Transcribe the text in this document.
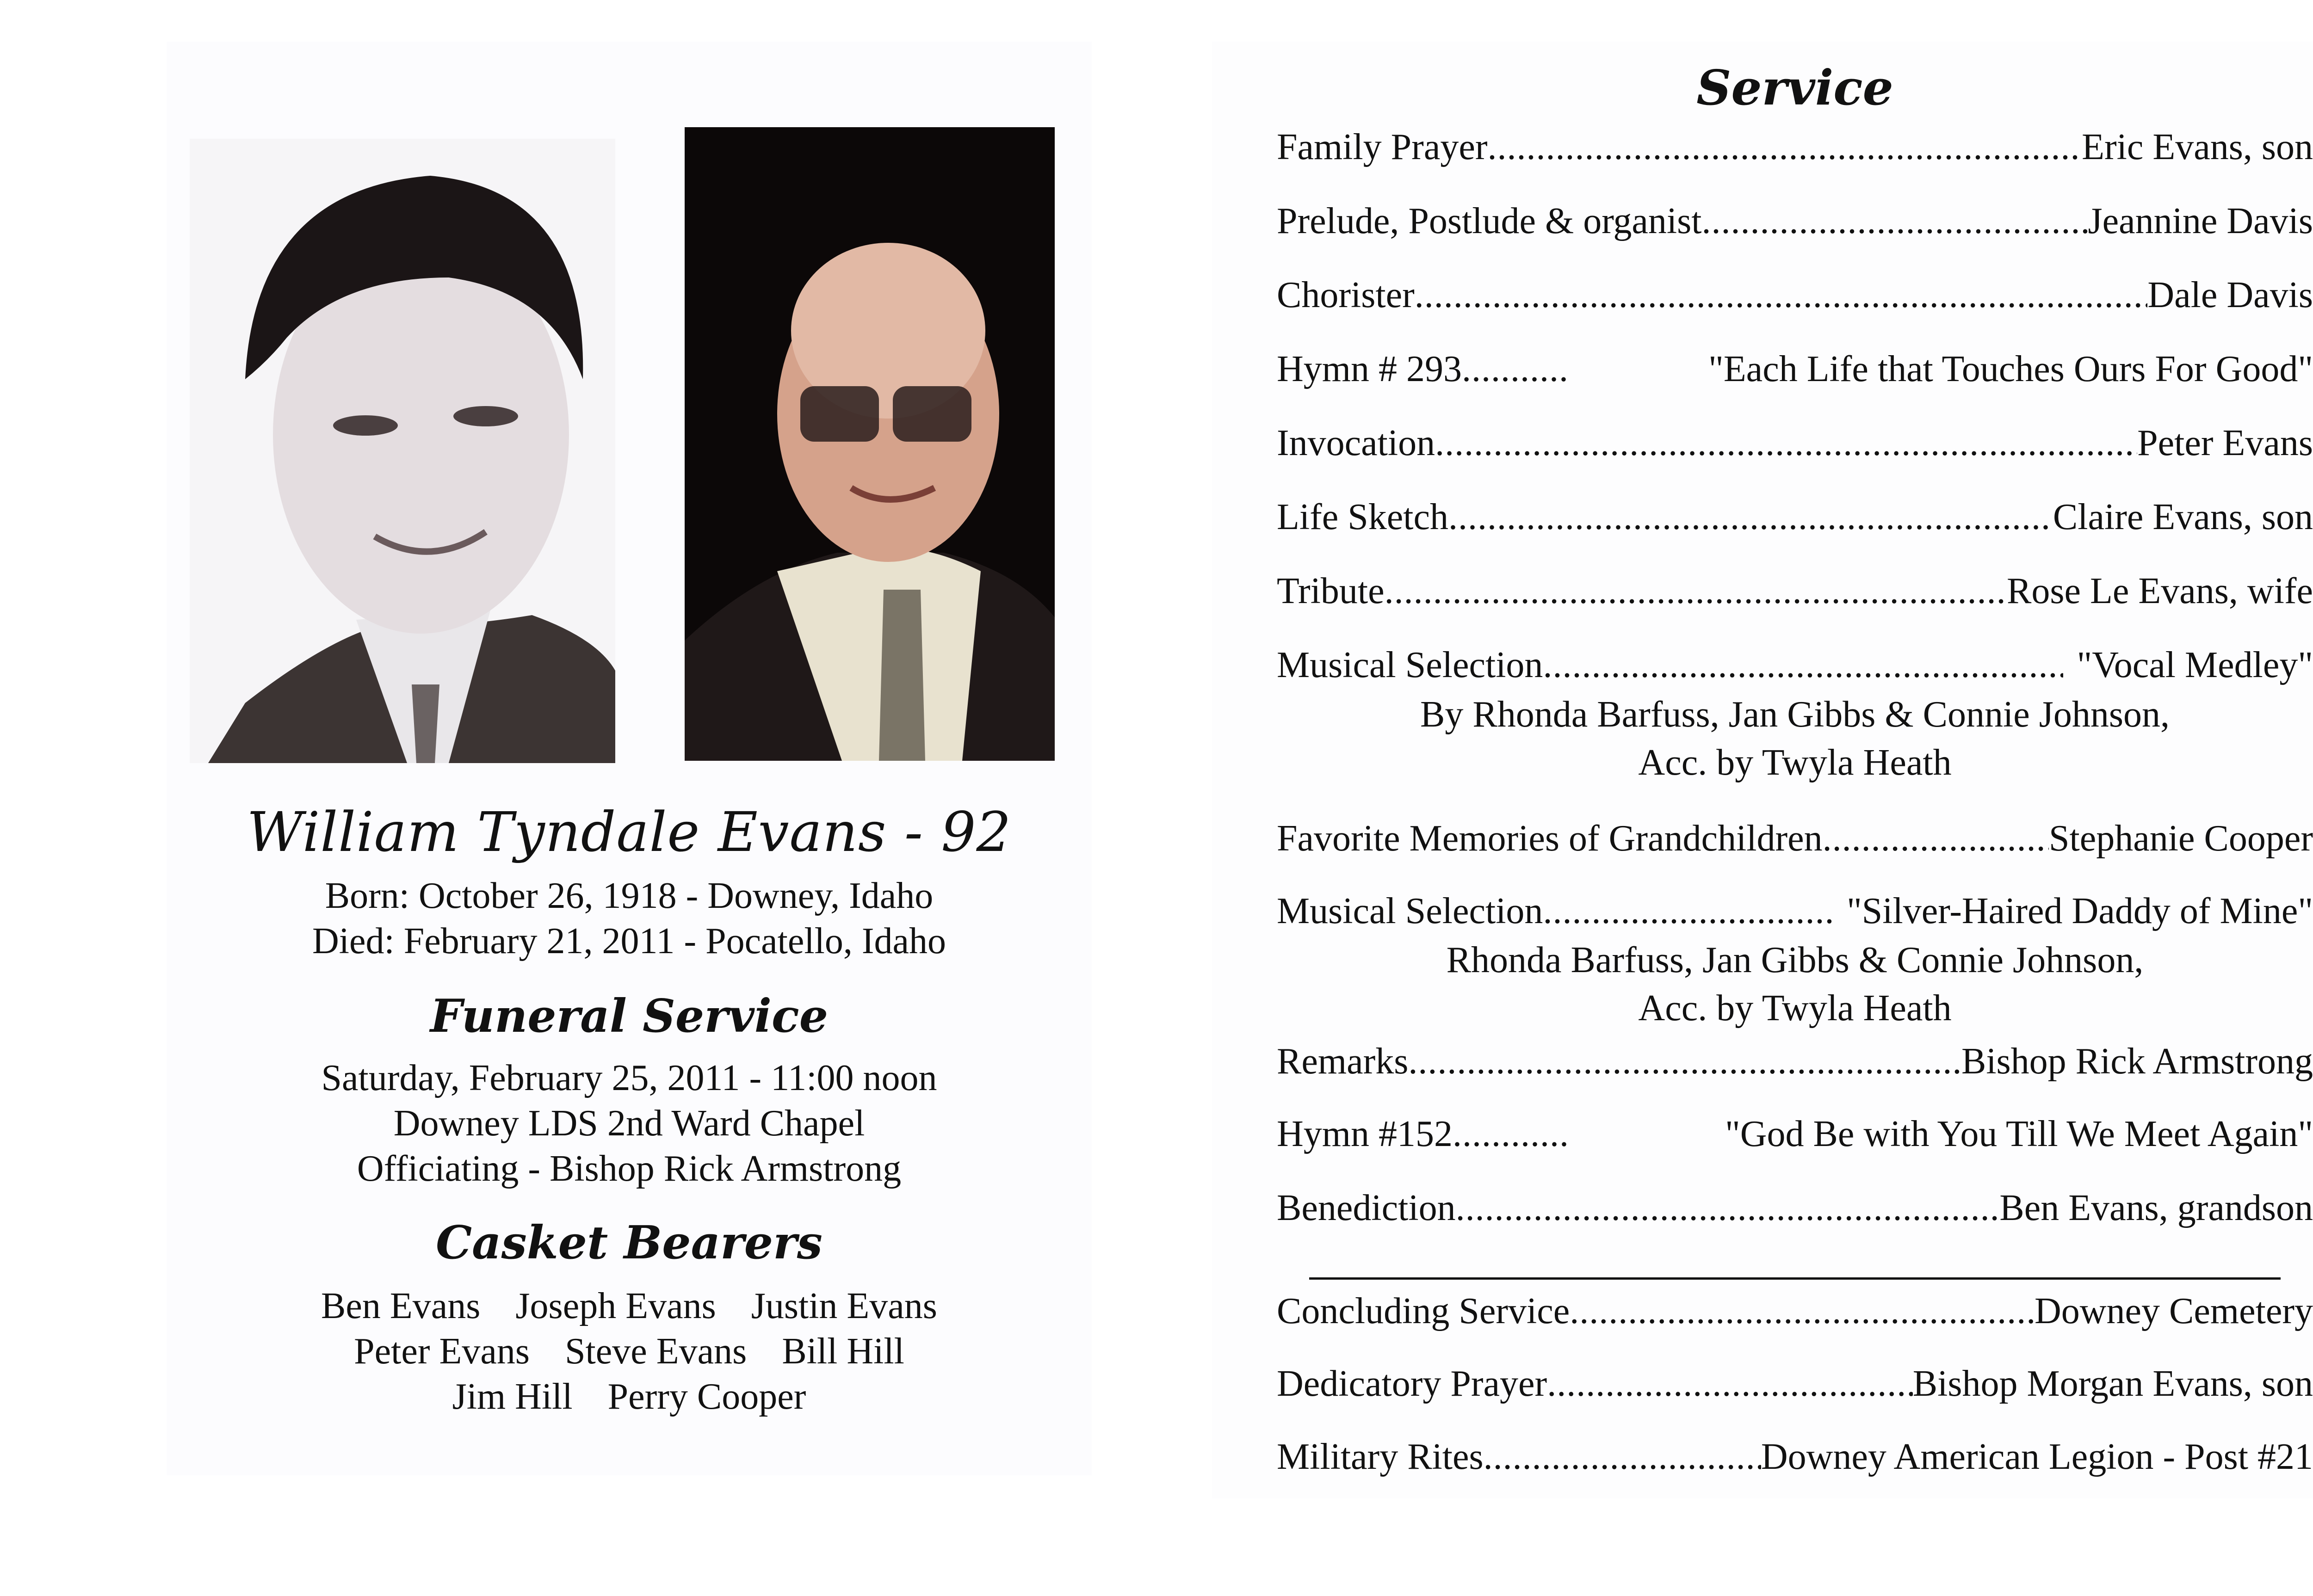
William Tyndale Evans - 92
Born: October 26, 1918 - Downey, Idaho
Died: February 21, 2011 - Pocatello, Idaho
Funeral Service
Saturday, February 25, 2011 - 11:00 noon
Downey LDS 2nd Ward Chapel
Officiating - Bishop Rick Armstrong
Casket Bearers
Ben Evans Joseph Evans Justin Evans
Peter Evans Steve Evans Bill Hill
Jim Hill Perry Cooper
Service
Family Prayer .....	Eric Evans, son
Prelude, Postlude & organist .....	Jeannine Davis
Chorister .....	Dale Davis
Hymn # 293 .....	"Each Life that Touches Ours For Good"
Invocation .....	Peter Evans
Life Sketch .....	Claire Evans, son
Tribute .....	Rose Le Evans, wife
Musical Selection .....	"Vocal Medley"
By Rhonda Barfuss, Jan Gibbs & Connie Johnson,
Acc. by Twyla Heath
Favorite Memories of Grandchildren .....	Stephanie Cooper
Musical Selection .....	"Silver-Haired Daddy of Mine"
Rhonda Barfuss, Jan Gibbs & Connie Johnson,
Acc. by Twyla Heath
Remarks .....	Bishop Rick Armstrong
Hymn #152 .....	"God Be with You Till We Meet Again"
Benediction .....	Ben Evans, grandson
Concluding Service .....	Downey Cemetery
Dedicatory Prayer .....	Bishop Morgan Evans, son
Military Rites .....	Downey American Legion - Post #21
